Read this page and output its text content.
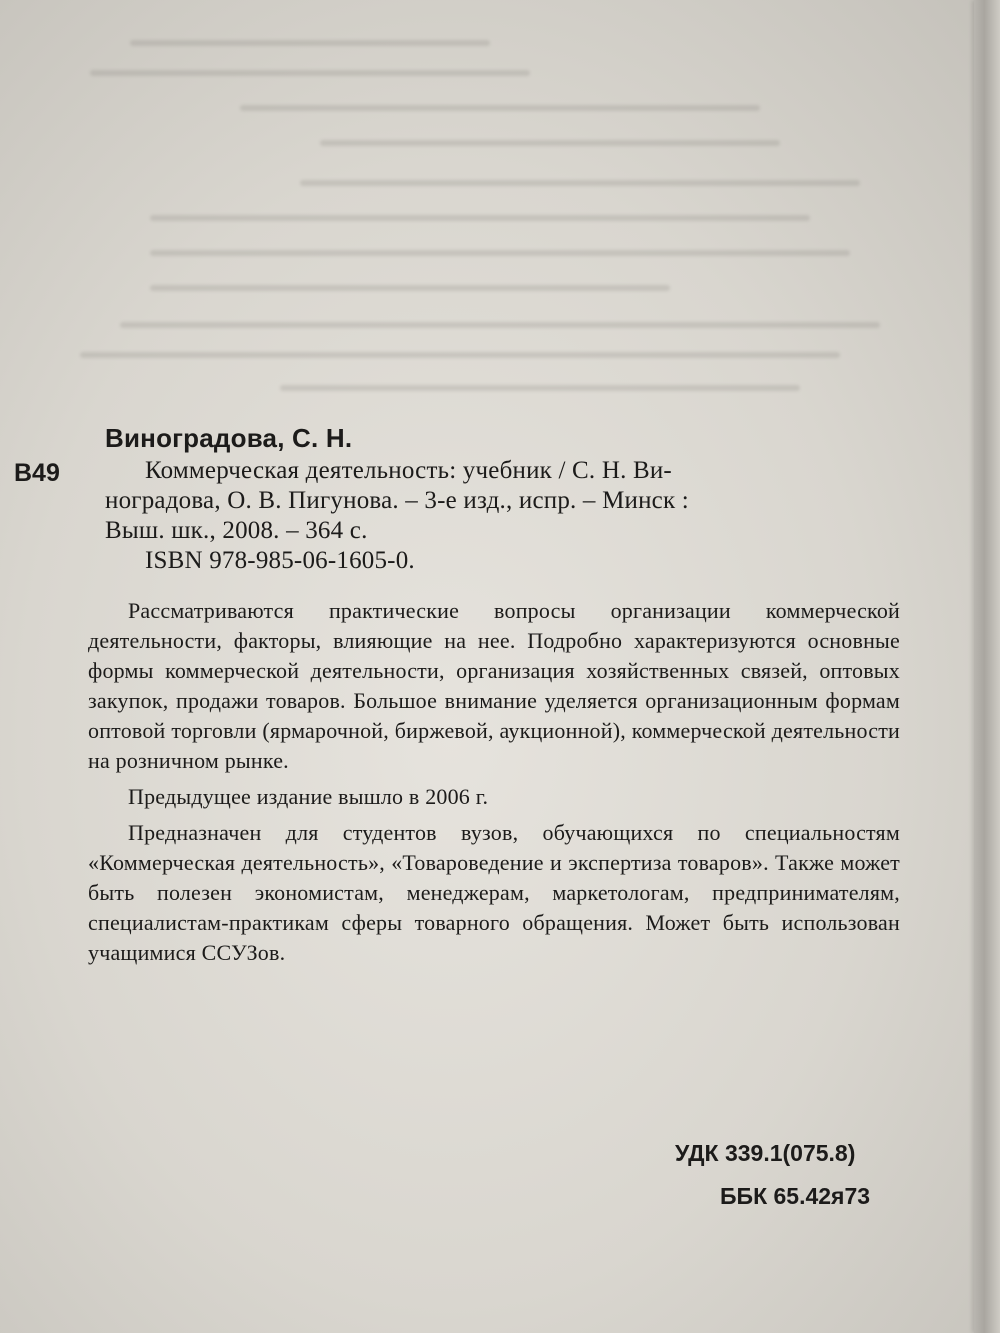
В49
Виноградова, С. Н.
Коммерческая деятельность: учебник / С. Н. Ви-
ноградова, О. В. Пигунова. – 3-е изд., испр. – Минск :
Выш. шк., 2008. – 364 с.
ISBN 978-985-06-1605-0.

Рассматриваются практические вопросы организации коммерческой деятельности, факторы, влияющие на нее. Подробно характеризуются основные формы коммерческой деятельности, организация хозяйственных связей, оптовых закупок, продажи товаров. Большое внимание уделяется организационным формам оптовой торговли (ярмарочной, биржевой, аукционной), коммерческой деятельности на розничном рынке.

Предыдущее издание вышло в 2006 г.

Предназначен для студентов вузов, обучающихся по специальностям «Коммерческая деятельность», «Товароведение и экспертиза товаров». Также может быть полезен экономистам, менеджерам, маркетологам, предпринимателям, специалистам-практикам сферы товарного обращения. Может быть использован учащимися ССУЗов.

УДК 339.1(075.8)
ББК 65.42я73
